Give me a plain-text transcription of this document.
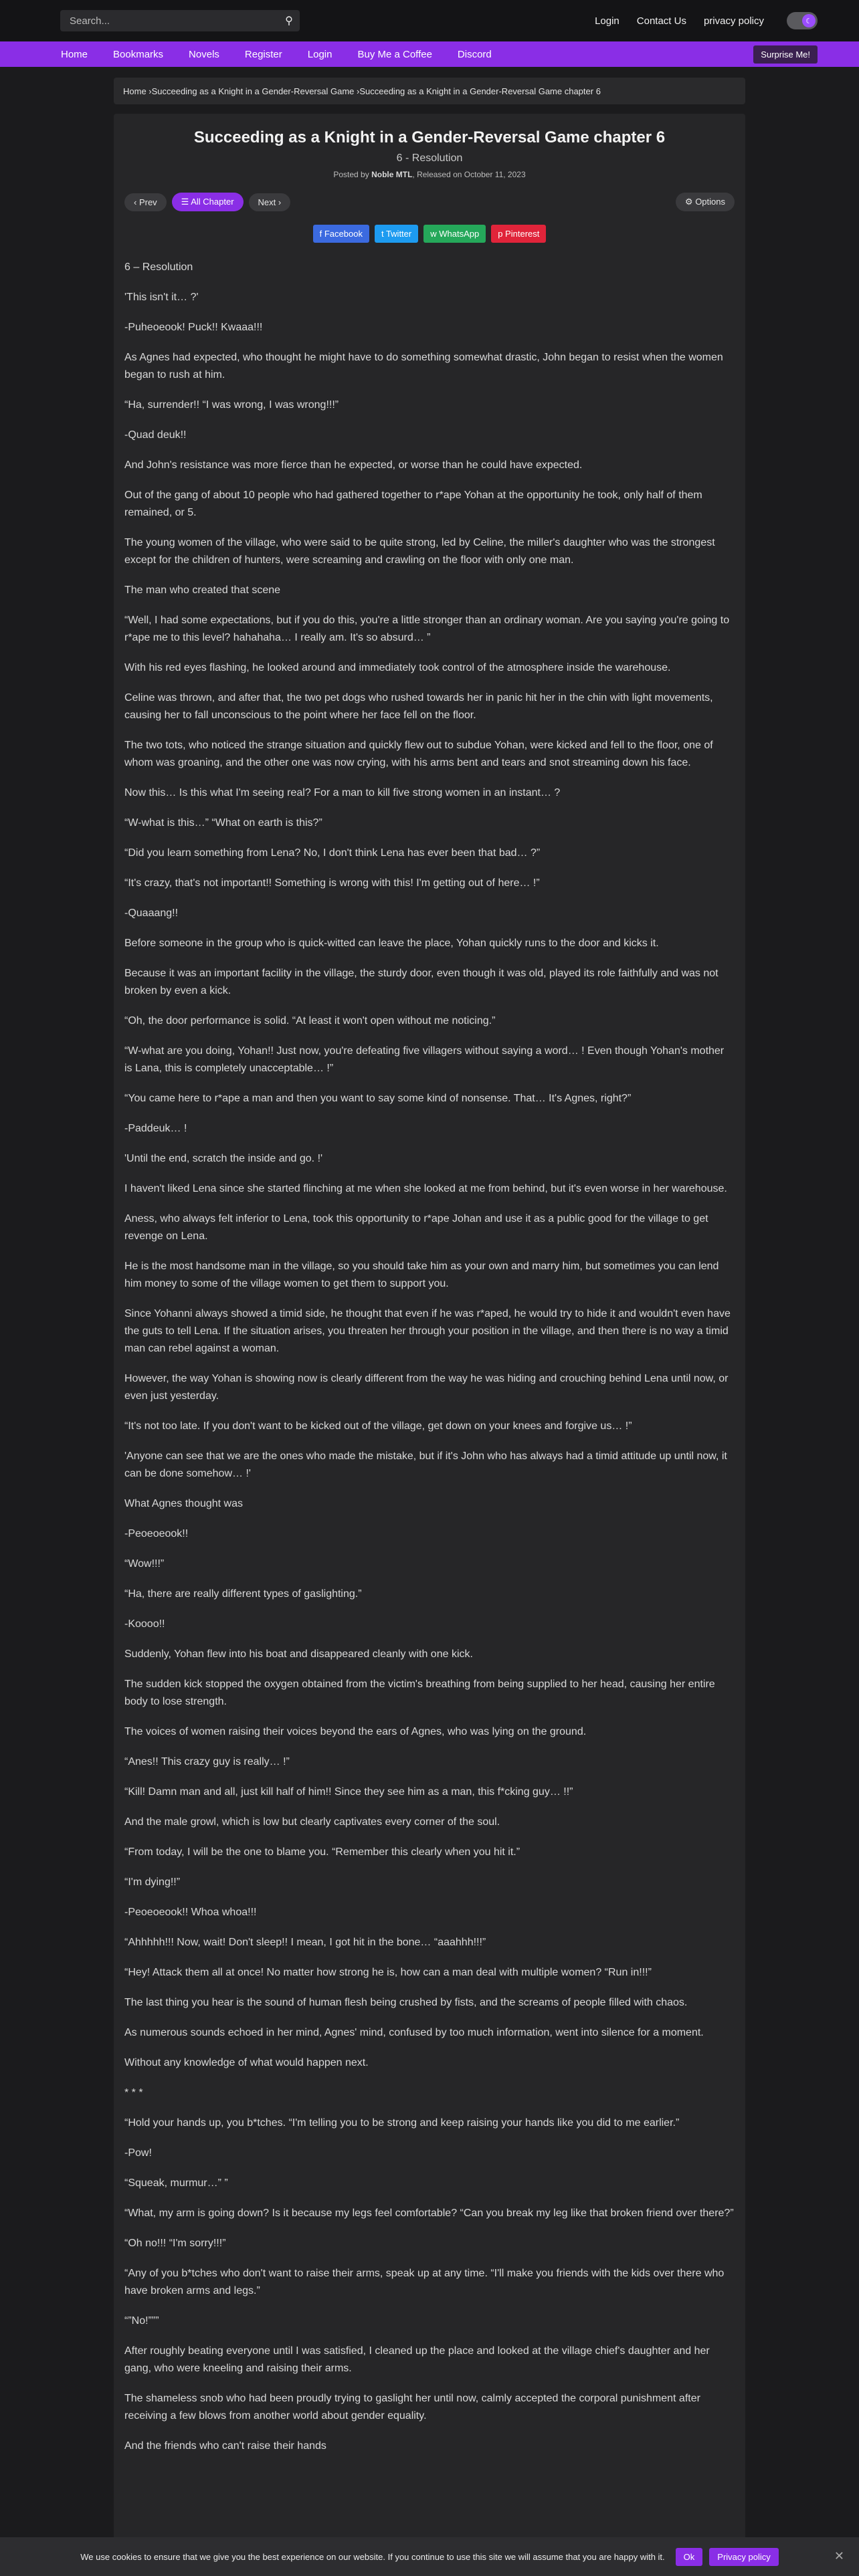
Search...
⚲	Login Contact Us privacy policy	☾
Home	Bookmarks	Novels	Register	Login	Buy Me a Coffee	Discord	Surprise Me!
Home ›Succeeding as a Knight in a Gender-Reversal Game ›Succeeding as a Knight in a Gender-Reversal Game chapter 6
Succeeding as a Knight in a Gender-Reversal Game chapter 6
6 - Resolution
Posted by Noble MTL, Released on October 11, 2023
‹ Prev	☰ All Chapter	Next ›	⚙ Options
f Facebook	t Twitter	w WhatsApp	p Pinterest

6 – Resolution

'This isn't it… ?'

-Puheoeook! Puck!! Kwaaa!!!

As Agnes had expected, who thought he might have to do something somewhat drastic, John began to resist when the women began to rush at him.

“Ha, surrender!! “I was wrong, I was wrong!!!”

-Quad deuk!!

And John's resistance was more fierce than he expected, or worse than he could have expected.

Out of the gang of about 10 people who had gathered together to r*ape Yohan at the opportunity he took, only half of them remained, or 5.

The young women of the village, who were said to be quite strong, led by Celine, the miller's daughter who was the strongest except for the children of hunters, were screaming and crawling on the floor with only one man.

The man who created that scene

“Well, I had some expectations, but if you do this, you're a little stronger than an ordinary woman. Are you saying you're going to r*ape me to this level? hahahaha… I really am. It's so absurd… ”

With his red eyes flashing, he looked around and immediately took control of the atmosphere inside the warehouse.

Celine was thrown, and after that, the two pet dogs who rushed towards her in panic hit her in the chin with light movements, causing her to fall unconscious to the point where her face fell on the floor.

The two tots, who noticed the strange situation and quickly flew out to subdue Yohan, were kicked and fell to the floor, one of whom was groaning, and the other one was now crying, with his arms bent and tears and snot streaming down his face.

Now this… Is this what I'm seeing real? For a man to kill five strong women in an instant… ?

“W-what is this…” “What on earth is this?”

“Did you learn something from Lena? No, I don't think Lena has ever been that bad… ?”

“It's crazy, that's not important!! Something is wrong with this! I'm getting out of here… !”

-Quaaang!!

Before someone in the group who is quick-witted can leave the place, Yohan quickly runs to the door and kicks it.

Because it was an important facility in the village, the sturdy door, even though it was old, played its role faithfully and was not broken by even a kick.

“Oh, the door performance is solid. “At least it won't open without me noticing.”

“W-what are you doing, Yohan!! Just now, you're defeating five villagers without saying a word… ! Even though Yohan's mother is Lana, this is completely unacceptable… !”

“You came here to r*ape a man and then you want to say some kind of nonsense. That… It's Agnes, right?”

-Paddeuk… !

'Until the end, scratch the inside and go. !'

I haven't liked Lena since she started flinching at me when she looked at me from behind, but it's even worse in her warehouse.

Aness, who always felt inferior to Lena, took this opportunity to r*ape Johan and use it as a public good for the village to get revenge on Lena.

He is the most handsome man in the village, so you should take him as your own and marry him, but sometimes you can lend him money to some of the village women to get them to support you.

Since Yohanni always showed a timid side, he thought that even if he was r*aped, he would try to hide it and wouldn't even have the guts to tell Lena. If the situation arises, you threaten her through your position in the village, and then there is no way a timid man can rebel against a woman.

However, the way Yohan is showing now is clearly different from the way he was hiding and crouching behind Lena until now, or even just yesterday.

“It's not too late. If you don't want to be kicked out of the village, get down on your knees and forgive us… !”

'Anyone can see that we are the ones who made the mistake, but if it's John who has always had a timid attitude up until now, it can be done somehow… !'

What Agnes thought was

-Peoeoeook!!

“Wow!!!”

“Ha, there are really different types of gaslighting.”

-Koooo!!

Suddenly, Yohan flew into his boat and disappeared cleanly with one kick.

The sudden kick stopped the oxygen obtained from the victim's breathing from being supplied to her head, causing her entire body to lose strength.

The voices of women raising their voices beyond the ears of Agnes, who was lying on the ground.

“Anes!! This crazy guy is really… !”

“Kill! Damn man and all, just kill half of him!! Since they see him as a man, this f*cking guy… !!”

And the male growl, which is low but clearly captivates every corner of the soul.

“From today, I will be the one to blame you. “Remember this clearly when you hit it.”

“I'm dying!!”

-Peoeoeook!! Whoa whoa!!!

“Ahhhhh!!! Now, wait! Don't sleep!! I mean, I got hit in the bone… “aaahhh!!!”

“Hey! Attack them all at once! No matter how strong he is, how can a man deal with multiple women? “Run in!!!”

The last thing you hear is the sound of human flesh being crushed by fists, and the screams of people filled with chaos.

As numerous sounds echoed in her mind, Agnes' mind, confused by too much information, went into silence for a moment.

Without any knowledge of what would happen next.

* * *

“Hold your hands up, you b*tches. “I'm telling you to be strong and keep raising your hands like you did to me earlier.”

-Pow!

“Squeak, murmur…” ”

“What, my arm is going down? Is it because my legs feel comfortable? “Can you break my leg like that broken friend over there?”

“Oh no!!! “I'm sorry!!!”

“Any of you b*tches who don't want to raise their arms, speak up at any time. “I'll make you friends with the kids over there who have broken arms and legs.”

“”No!”””

After roughly beating everyone until I was satisfied, I cleaned up the place and looked at the village chief's daughter and her gang, who were kneeling and raising their arms.

The shameless snob who had been proudly trying to gaslight her until now, calmly accepted the corporal punishment after receiving a few blows from another world about gender equality.

And the friends who can't raise their hands

We use cookies to ensure that we give you the best experience on our website. If you continue to use this site we will assume that you are happy with it.	Ok	Privacy policy	✕
